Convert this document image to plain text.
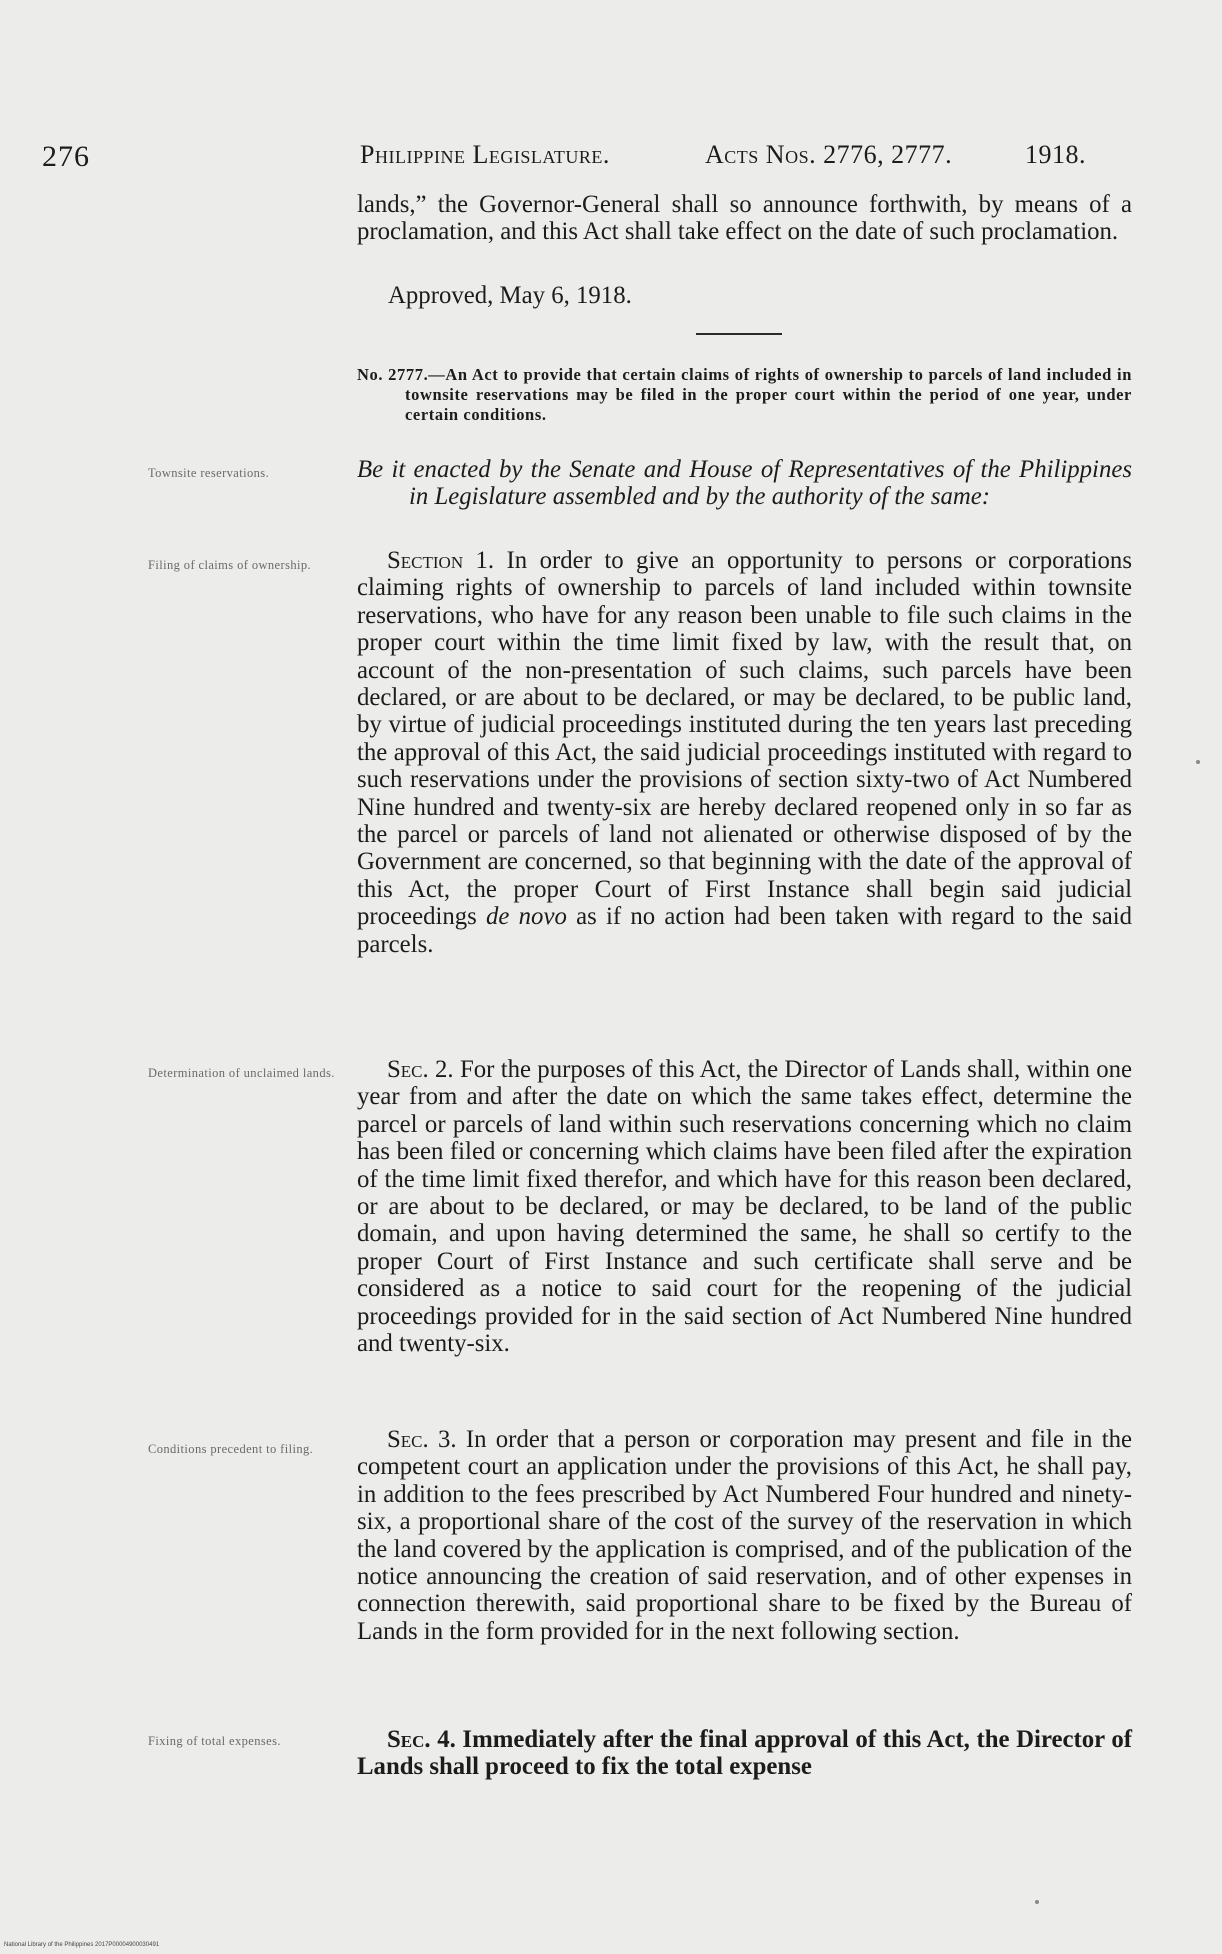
276	Philippine Legislature.	Acts Nos. 2776, 2777.	1918.

lands,” the Governor-General shall so announce forthwith, by means of a proclamation, and this Act shall take effect on the date of such proclamation.

Approved, May 6, 1918.
No. 2777.—An Act to provide that certain claims of rights of ownership to parcels of land included in townsite reservations may be filed in the proper court within the period of one year, under certain conditions.
Townsite reservations.	Be it enacted by the Senate and House of Representatives of the Philippines in Legislature assembled and by the authority of the same:
Filing of claims of ownership.	Section 1. In order to give an opportunity to persons or corporations claiming rights of ownership to parcels of land included within townsite reservations, who have for any reason been unable to file such claims in the proper court within the time limit fixed by law, with the result that, on account of the non-presentation of such claims, such parcels have been declared, or are about to be declared, or may be declared, to be public land, by virtue of judicial proceedings instituted during the ten years last preceding the approval of this Act, the said judicial proceedings instituted with regard to such reservations under the provisions of section sixty-two of Act Numbered Nine hundred and twenty-six are hereby declared reopened only in so far as the parcel or parcels of land not alienated or otherwise disposed of by the Government are concerned, so that beginning with the date of the approval of this Act, the proper Court of First Instance shall begin said judicial proceedings de novo as if no action had been taken with regard to the said parcels.

Determination of unclaimed lands.	Sec. 2. For the purposes of this Act, the Director of Lands shall, within one year from and after the date on which the same takes effect, determine the parcel or parcels of land within such reservations concerning which no claim has been filed or concerning which claims have been filed after the expiration of the time limit fixed therefor, and which have for this reason been declared, or are about to be declared, or may be declared, to be land of the public domain, and upon having determined the same, he shall so certify to the proper Court of First Instance and such certificate shall serve and be considered as a notice to said court for the reopening of the judicial proceedings provided for in the said section of Act Numbered Nine hundred and twenty-six.

Conditions precedent to filing.	Sec. 3. In order that a person or corporation may present and file in the competent court an application under the provisions of this Act, he shall pay, in addition to the fees prescribed by Act Numbered Four hundred and ninety-six, a proportional share of the cost of the survey of the reservation in which the land covered by the application is comprised, and of the publication of the notice announcing the creation of said reservation, and of other expenses in connection therewith, said proportional share to be fixed by the Bureau of Lands in the form provided for in the next following section.

Fixing of total expenses.	Sec. 4. Immediately after the final approval of this Act, the Director of Lands shall proceed to fix the total expense

National Library of the Philippines 2017P00004900030491
